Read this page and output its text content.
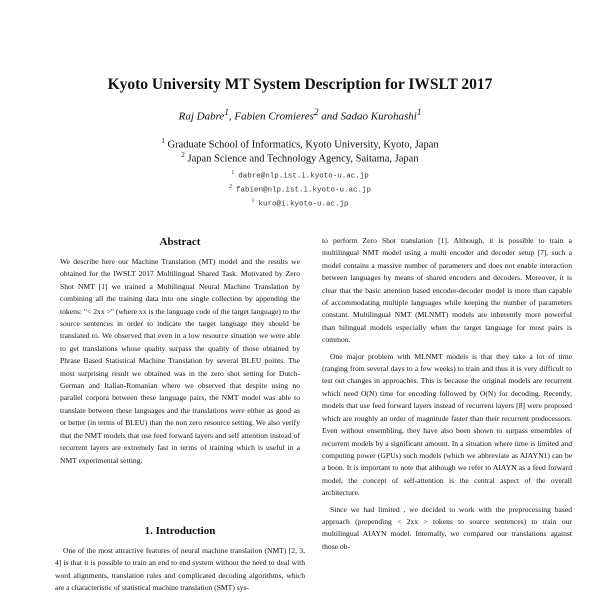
Kyoto University MT System Description for IWSLT 2017
Raj Dabre$^1$, Fabien Cromieres$^2$ and Sadao Kurohashi$^1$
$^1$ Graduate School of Informatics, Kyoto University, Kyoto, Japan
$^2$ Japan Science and Technology Agency, Saitama, Japan
$^1$ dabre@nlp.ist.i.kyoto-u.ac.jp
$^2$ fabien@nlp.ist.i.kyoto-u.ac.jp
$^1$ kuro@i.kyoto-u.ac.jp
Abstract

We describe here our Machine Translation (MT) model and the results we obtained for the IWSLT 2017 Multilingual Shared Task. Motivated by Zero Shot NMT [1] we trained a Multilingual Neural Machine Translation by combining all the training data into one single collection by appending the tokens: "< 2xx >" (where xx is the language code of the target language) to the source sentences in order to indicate the target language they should be translated to. We observed that even in a low resource situation we were able to get translations whose quality surpass the quality of those obtained by Phrase Based Statistical Machine Translation by several BLEU points. The most surprising result we obtained was in the zero shot setting for Dutch-German and Italian-Romanian where we observed that despite using no parallel corpora between these language pairs, the NMT model was able to translate between these languages and the translations were either as good as or better (in terms of BLEU) than the non zero resource setting. We also verify that the NMT models that use feed forward layers and self attention instead of recurrent layers are extremely fast in terms of training which is useful in a NMT experimental setting.

1. Introduction

One of the most attractive features of neural machine translation (NMT) [2, 3, 4] is that it is possible to train an end to end system without the need to deal with word alignments, translation rules and complicated decoding algorithms, which are a characteristic of statistical machine translation (SMT) sys-

to perform Zero Shot translation [1]. Although, it is possible to train a multilingual NMT model using a multi encoder and decoder setup [7], such a model contains a massive number of parameters and does not enable interaction between languages by means of shared encoders and decoders. Moreover, it is clear that the basic attention based encoder-decoder model is more than capable of accommodating multiple languages while keeping the number of parameters constant. Multilingual NMT (MLNMT) models are inherently more powerful than bilingual models especially when the target language for most pairs is common.

One major problem with MLNMT models is that they take a lot of time (ranging from several days to a few weeks) to train and thus it is very difficult to test out changes in approaches. This is because the original models are recurrent which need O(N) time for encoding followed by O(N) for decoding. Recently, models that use feed forward layers instead of recurrent layers [8] were proposed which are roughly an order of magnitude faster than their recurrent predecessors. Even without ensembling, they have also been shown to surpass ensembles of recurrent models by a significant amount. In a situation where time is limited and computing power (GPUs) such models (which we abbreviate as AIAYN1) can be a boon. It is important to note that although we refer to AIAYN as a feed forward model, the concept of self-attention is the central aspect of the overall architecture.

Since we had limited , we decided to work with the preprocessing based approach (prepending < 2xx > tokens to source sentences) to train our multilingual AIAYN model. Internally, we compared our translations against those ob-
